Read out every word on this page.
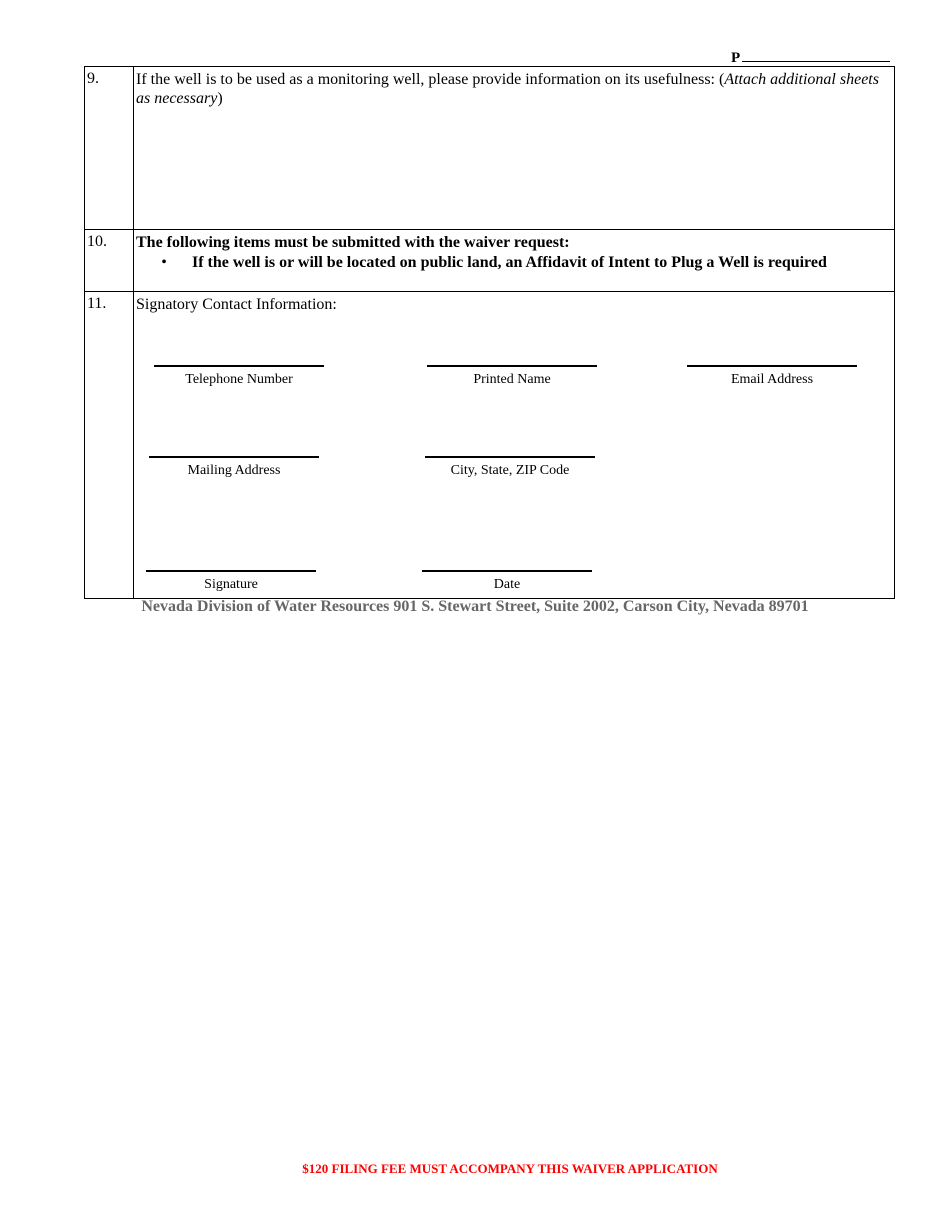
P
9.	If the well is to be used as a monitoring well, please provide information on its usefulness: (Attach additional sheets as necessary)
10.	The following items must be submitted with the waiver request:
•	If the well is or will be located on public land, an Affidavit of Intent to Plug a Well is required
11.	Signatory Contact Information:
Telephone Number	Printed Name	Email Address
Mailing Address	City, State, ZIP Code
Signature	Date
Nevada Division of Water Resources 901 S. Stewart Street, Suite 2002, Carson City, Nevada 89701
$120 FILING FEE MUST ACCOMPANY THIS WAIVER APPLICATION
